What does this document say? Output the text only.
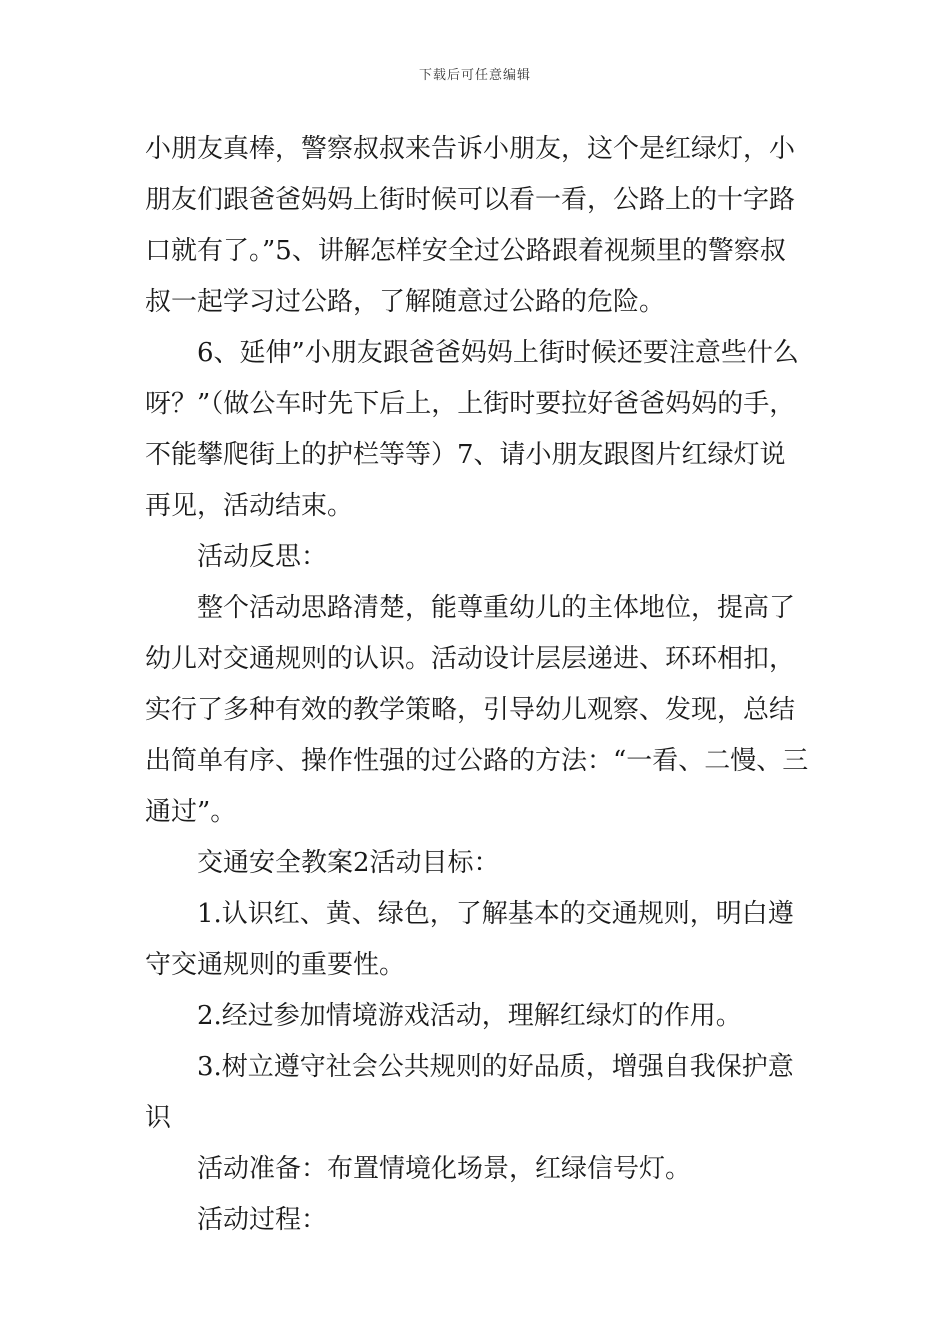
下载后可任意编辑

小朋友真棒，警察叔叔来告诉小朋友，这个是红绿灯，小朋友们跟爸爸妈妈上街时候可以看一看，公路上的十字路口就有了。”5、讲解怎样安全过公路跟着视频里的警察叔叔一起学习过公路，了解随意过公路的危险。

6、延伸”小朋友跟爸爸妈妈上街时候还要注意些什么呀？”（做公车时先下后上，上街时要拉好爸爸妈妈的手，不能攀爬街上的护栏等等）7、请小朋友跟图片红绿灯说再见，活动结束。

活动反思：

整个活动思路清楚，能尊重幼儿的主体地位，提高了幼儿对交通规则的认识。活动设计层层递进、环环相扣，实行了多种有效的教学策略，引导幼儿观察、发现，总结出简单有序、操作性强的过公路的方法：“一看、二慢、三通过”。

交通安全教案2活动目标：

1.认识红、黄、绿色，了解基本的交通规则，明白遵守交通规则的重要性。

2.经过参加情境游戏活动，理解红绿灯的作用。

3.树立遵守社会公共规则的好品质，增强自我保护意识

活动准备：布置情境化场景，红绿信号灯。

活动过程：
